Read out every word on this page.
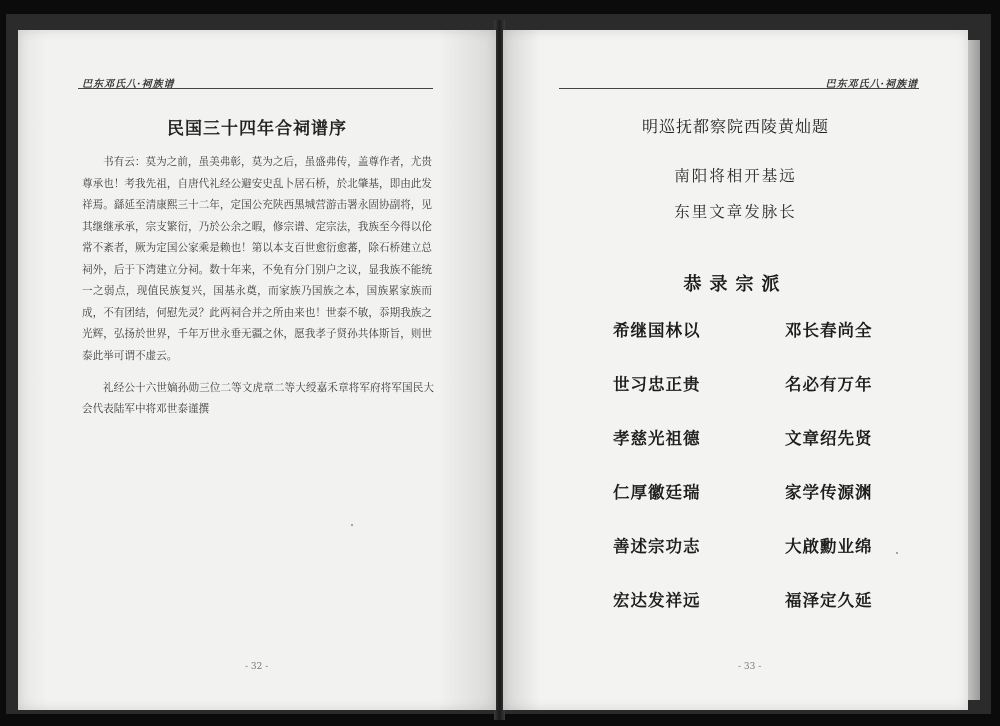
巴东邓氏八·祠族谱
民国三十四年合祠谱序

书有云：莫为之前，虽美弗彰，莫为之后，虽盛弗传，盖尊作者，尤贵尊承也！考我先祖，自唐代礼经公避安史乱卜居石桥，於北肇基，即由此发祥焉。繇延至清康熙三十二年，定国公充陕西黑城营游击署永固协副将，见其继继承承，宗支繁衍，乃於公余之暇，修宗谱、定宗法，我族至今得以伦常不紊者，厥为定国公家乘是赖也！第以本支百世愈衍愈蕃，除石桥建立总祠外，后于下湾建立分祠。数十年来，不免有分门别户之议，显我族不能统一之弱点，现值民族复兴，国基永奠，而家族乃国族之本，国族累家族而成，不有团结，何慰先灵？此两祠合并之所由来也！世泰不敏，忝期我族之光辉，弘扬於世界，千年万世永垂无疆之休，愿我孝子贤孙共体斯旨，则世泰此举可谓不虚云。

礼经公十六世嫡孙勋三位二等文虎章二等大绶嘉禾章将军府将军国民大会代表陆军中将邓世泰谨撰

- 32 -
巴东邓氏八·祠族谱
明巡抚都察院西陵黄灿题
南阳将相开基远
东里文章发脉长
恭录宗派
希继国林以
世习忠正贵
孝慈光祖德
仁厚徽廷瑞
善述宗功志
宏达发祥远
邓长春尚全
名必有万年
文章绍先贤
家学传源渊
大啟勳业绵
福泽定久延
- 33 -
